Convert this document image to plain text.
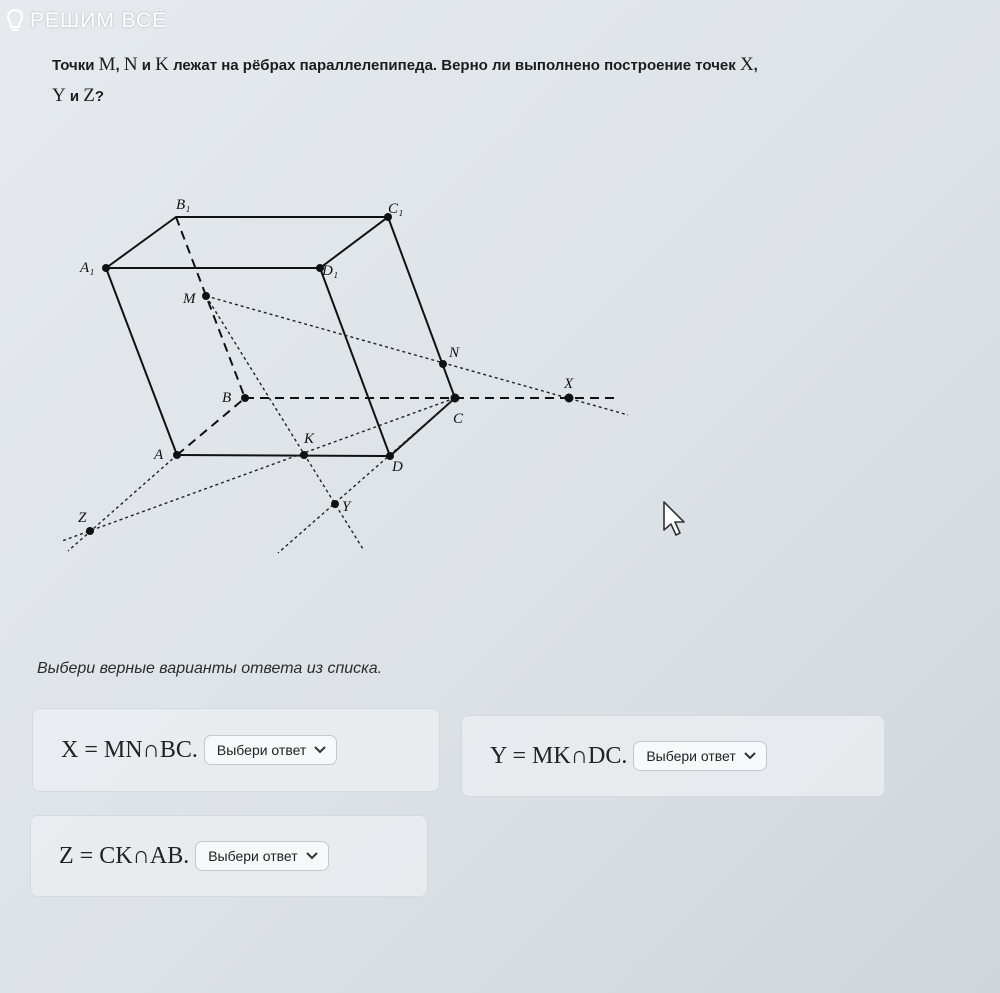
РЕШИМ ВСЁ
Точки M, N и K лежат на рёбрах параллелепипеда. Верно ли выполнено построение точек X,
Y и Z?
B₁	C₁
A₁	D₁
M
N
B
X
C
K
A
D
Y
Z
Выбери верные варианты ответа из списка.
X = MN∩BC. Выбери ответ	Y = MK∩DC. Выбери ответ
Z = CK∩AB. Выбери ответ
